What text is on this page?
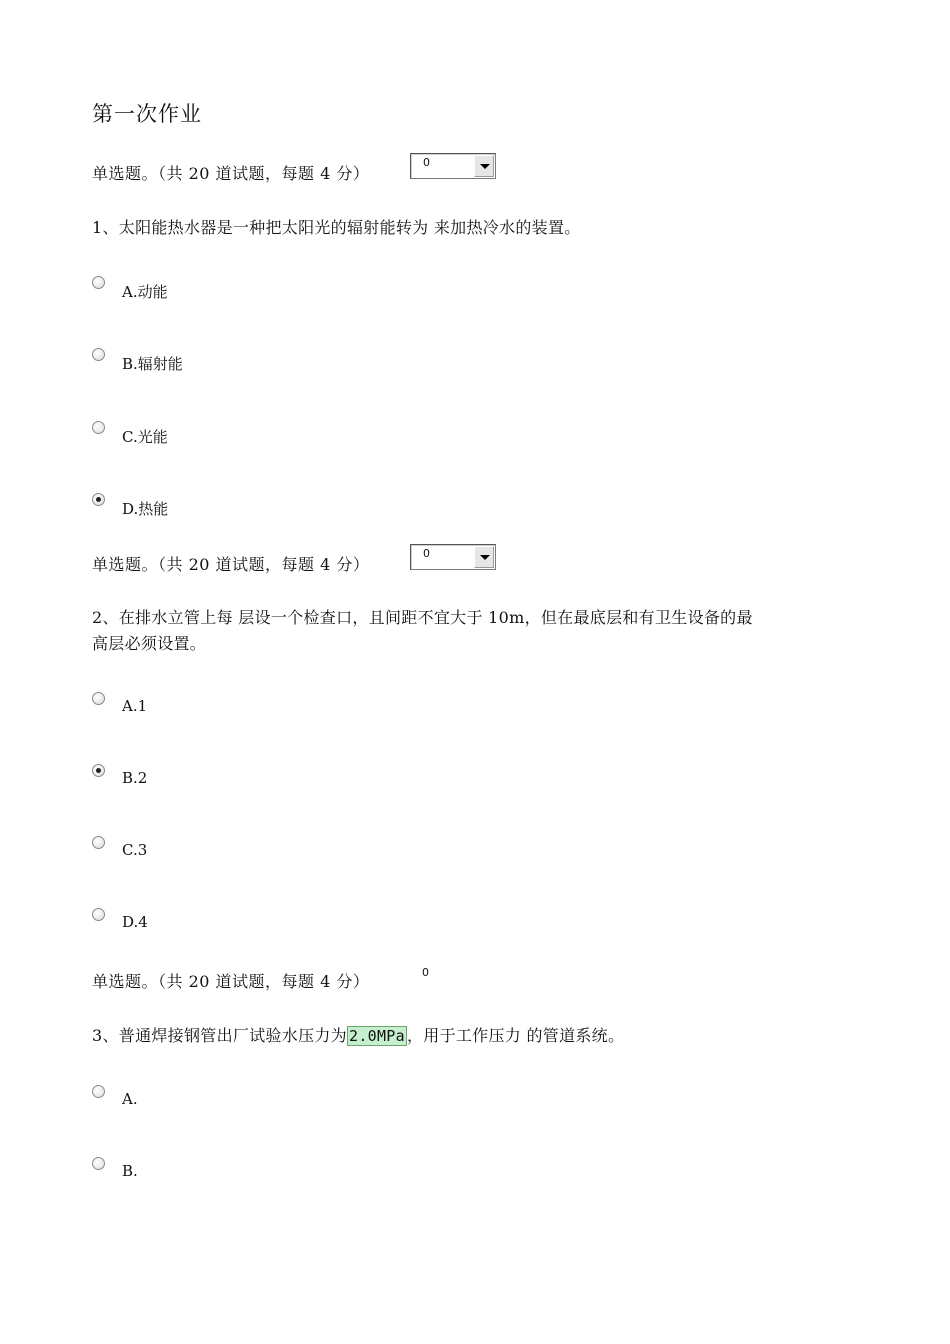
第一次作业
单选题。（共 20 道试题，每题 4 分）
0
1、太阳能热水器是一种把太阳光的辐射能转为 来加热冷水的装置。
A.动能
B.辐射能
C.光能
D.热能
单选题。（共 20 道试题，每题 4 分）
0
2、在排水立管上每 层设一个检查口，且间距不宜大于 10m，但在最底层和有卫生设备的最
高层必须设置。
A.1
B.2
C.3
D.4
单选题。（共 20 道试题，每题 4 分）	0
3、普通焊接钢管出厂试验水压力为 2.0MPa ，用于工作压力 的管道系统。
A.
B.
